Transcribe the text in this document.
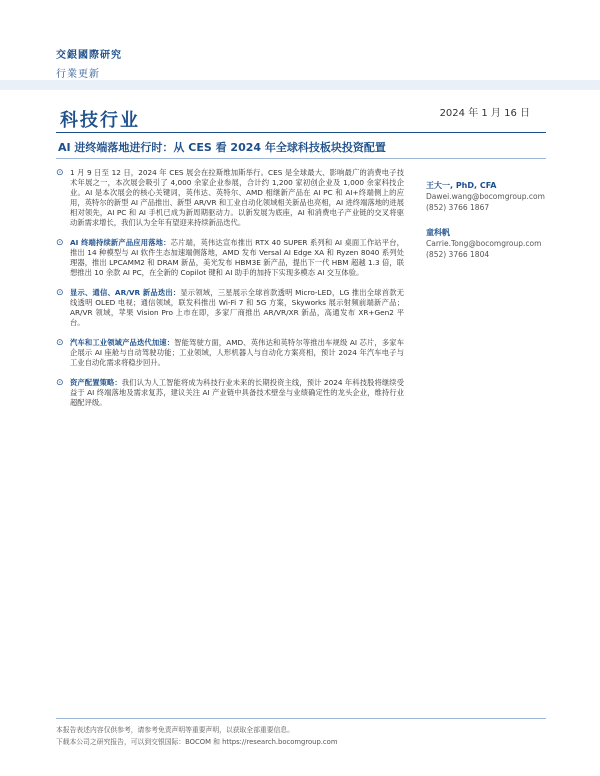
交銀國際研究
行業更新
科技行业	2024 年 1 月 16 日
AI 进终端落地进行时：从 CES 看 2024 年全球科技板块投资配置
⊙ 1 月 9 日至 12 日，2024 年 CES 展会在拉斯维加斯举行。CES 是全球最大、影响最广的消费电子技术年展之一，本次展会吸引了 4,000 余家企业参展，合计约 1,200 家初创企业及 1,000 余家科技企业。AI 是本次展会的核心关键词，英伟达、英特尔、AMD 相继新产品在 AI PC 和 AI+终端侧上的应用，英特尔的新型 AI 产品推出、新型 AR/VR 和工业自动化领域相关新品也亮相，AI 进终端落地的进展相对领先，AI PC 和 AI 手机已成为新周期驱动力。以新发展为底座，AI 和消费电子产业链的交叉将驱动新需求增长，我们认为全年有望迎来持续新品迭代。
⊙ AI 终端持续新产品应用落地：芯片端，英伟达宣布推出 RTX 40 SUPER 系列和 AI 桌面工作站平台，推出 14 种模型与 AI 软件生态加速端侧落地，AMD 发布 Versal AI Edge XA 和 Ryzen 8040 系列处理器，推出 LPCAMM2 和 DRAM 新品，美光发布 HBM3E 新产品，提出下一代 HBM 超越 1.3 倍，联想推出 10 余款 AI PC，在全新的 Copilot 键和 AI 助手的加持下实现多模态 AI 交互体验。
⊙ 显示、通信、AR/VR 新品迭出：显示领域，三星展示全球首款透明 Micro-LED，LG 推出全球首款无线透明 OLED 电视；通信领域，联发科推出 Wi-Fi 7 和 5G 方案，Skyworks 展示射频前端新产品；AR/VR 领域，苹果 Vision Pro 上市在即，多家厂商推出 AR/VR/XR 新品，高通发布 XR+Gen2 平台。
⊙ 汽车和工业领域产品迭代加速：智能驾驶方面，AMD、英伟达和英特尔等推出车规级 AI 芯片，多家车企展示 AI 座舱与自动驾驶功能；工业领域，人形机器人与自动化方案亮相，预计 2024 年汽车电子与工业自动化需求将稳步回升。
⊙ 资产配置策略：我们认为人工智能将成为科技行业未来的长期投资主线，预计 2024 年科技股将继续受益于 AI 终端落地及需求复苏，建议关注 AI 产业链中具备技术壁垒与业绩确定性的龙头企业，维持行业超配评级。
王大一, PhD, CFA
Dawei.wang@bocomgroup.com
(852) 3766 1867
童科帆
Carrie.Tong@bocomgroup.com
(852) 3766 1804
本报告表述内容仅供参考，请参考免责声明等重要声明，以获取全部重要信息。
下载本公司之研究报告，可以到交银国际：BOCOM 和 https://research.bocomgroup.com
